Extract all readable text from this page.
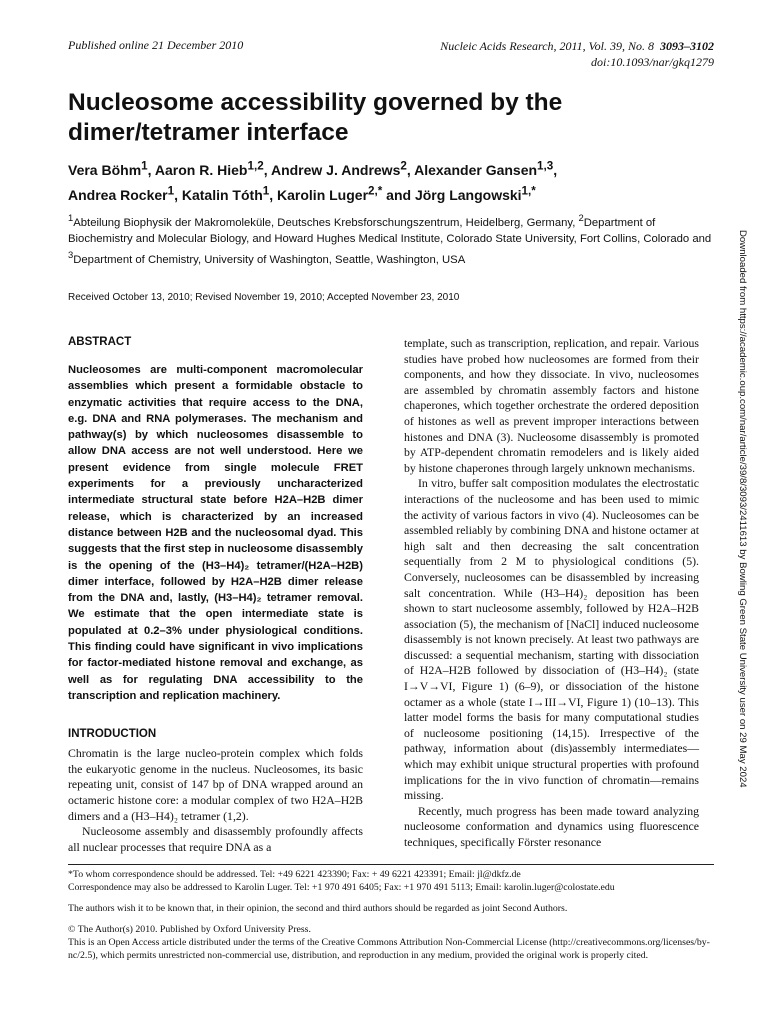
Published online 21 December 2010	Nucleic Acids Research, 2011, Vol. 39, No. 8 3093–3102
doi:10.1093/nar/gkq1279
Nucleosome accessibility governed by the dimer/tetramer interface
Vera Böhm$^1$, Aaron R. Hieb$^{1,2}$, Andrew J. Andrews$^2$, Alexander Gansen$^{1,3}$,
Andrea Rocker$^1$, Katalin Tóth$^1$, Karolin Luger$^{2,*}$ and Jörg Langowski$^{1,*}$
$^1$Abteilung Biophysik der Makromoleküle, Deutsches Krebsforschungszentrum, Heidelberg, Germany, $^2$Department of Biochemistry and Molecular Biology, and Howard Hughes Medical Institute, Colorado State University, Fort Collins, Colorado and $^3$Department of Chemistry, University of Washington, Seattle, Washington, USA
Received October 13, 2010; Revised November 19, 2010; Accepted November 23, 2010
ABSTRACT

Nucleosomes are multi-component macromolecular assemblies which present a formidable obstacle to enzymatic activities that require access to the DNA, e.g. DNA and RNA polymerases. The mechanism and pathway(s) by which nucleosomes disassemble to allow DNA access are not well understood. Here we present evidence from single molecule FRET experiments for a previously uncharacterized intermediate structural state before H2A–H2B dimer release, which is characterized by an increased distance between H2B and the nucleosomal dyad. This suggests that the first step in nucleosome disassembly is the opening of the (H3–H4)₂ tetramer/(H2A–H2B) dimer interface, followed by H2A–H2B dimer release from the DNA and, lastly, (H3–H4)₂ tetramer removal. We estimate that the open intermediate state is populated at 0.2–3% under physiological conditions. This finding could have significant in vivo implications for factor-mediated histone removal and exchange, as well as for regulating DNA accessibility to the transcription and replication machinery.

INTRODUCTION

Chromatin is the large nucleo-protein complex which folds the eukaryotic genome in the nucleus. Nucleosomes, its basic repeating unit, consist of 147 bp of DNA wrapped around an octameric histone core: a modular complex of two H2A–H2B dimers and a (H3–H4)₂ tetramer (1,2).

Nucleosome assembly and disassembly profoundly affects all nuclear processes that require DNA as a

template, such as transcription, replication, and repair. Various studies have probed how nucleosomes are formed from their components, and how they dissociate. In vivo, nucleosomes are assembled by chromatin assembly factors and histone chaperones, which together orchestrate the ordered deposition of histones as well as prevent improper interactions between histones and DNA (3). Nucleosome disassembly is promoted by ATP-dependent chromatin remodelers and is likely aided by histone chaperones through largely unknown mechanisms.

In vitro, buffer salt composition modulates the electrostatic interactions of the nucleosome and has been used to mimic the activity of various factors in vivo (4). Nucleosomes can be assembled reliably by combining DNA and histone octamer at high salt and then decreasing the salt concentration sequentially from 2 M to physiological conditions (5). Conversely, nucleosomes can be disassembled by increasing salt concentration. While (H3–H4)₂ deposition has been shown to start nucleosome assembly, followed by H2A–H2B association (5), the mechanism of [NaCl] induced nucleosome disassembly is not known precisely. At least two pathways are discussed: a sequential mechanism, starting with dissociation of H2A–H2B followed by dissociation of (H3–H4)₂ (state I→V→VI, Figure 1) (6–9), or dissociation of the histone octamer as a whole (state I→III→VI, Figure 1) (10–13). This latter model forms the basis for many computational studies of nucleosome positioning (14,15). Irrespective of the pathway, information about (dis)assembly intermediates—which may exhibit unique structural properties with profound implications for the in vivo function of chromatin—remains missing.

Recently, much progress has been made toward analyzing nucleosome conformation and dynamics using fluorescence techniques, specifically Förster resonance

*To whom correspondence should be addressed. Tel: +49 6221 423390; Fax: + 49 6221 423391; Email: jl@dkfz.de
Correspondence may also be addressed to Karolin Luger. Tel: +1 970 491 6405; Fax: +1 970 491 5113; Email: karolin.luger@colostate.edu

The authors wish it to be known that, in their opinion, the second and third authors should be regarded as joint Second Authors.

© The Author(s) 2010. Published by Oxford University Press.
This is an Open Access article distributed under the terms of the Creative Commons Attribution Non-Commercial License (http://creativecommons.org/licenses/by-nc/2.5), which permits unrestricted non-commercial use, distribution, and reproduction in any medium, provided the original work is properly cited.

Downloaded from https://academic.oup.com/nar/article/39/8/3093/2411613 by Bowling Green State University user on 29 May 2024
